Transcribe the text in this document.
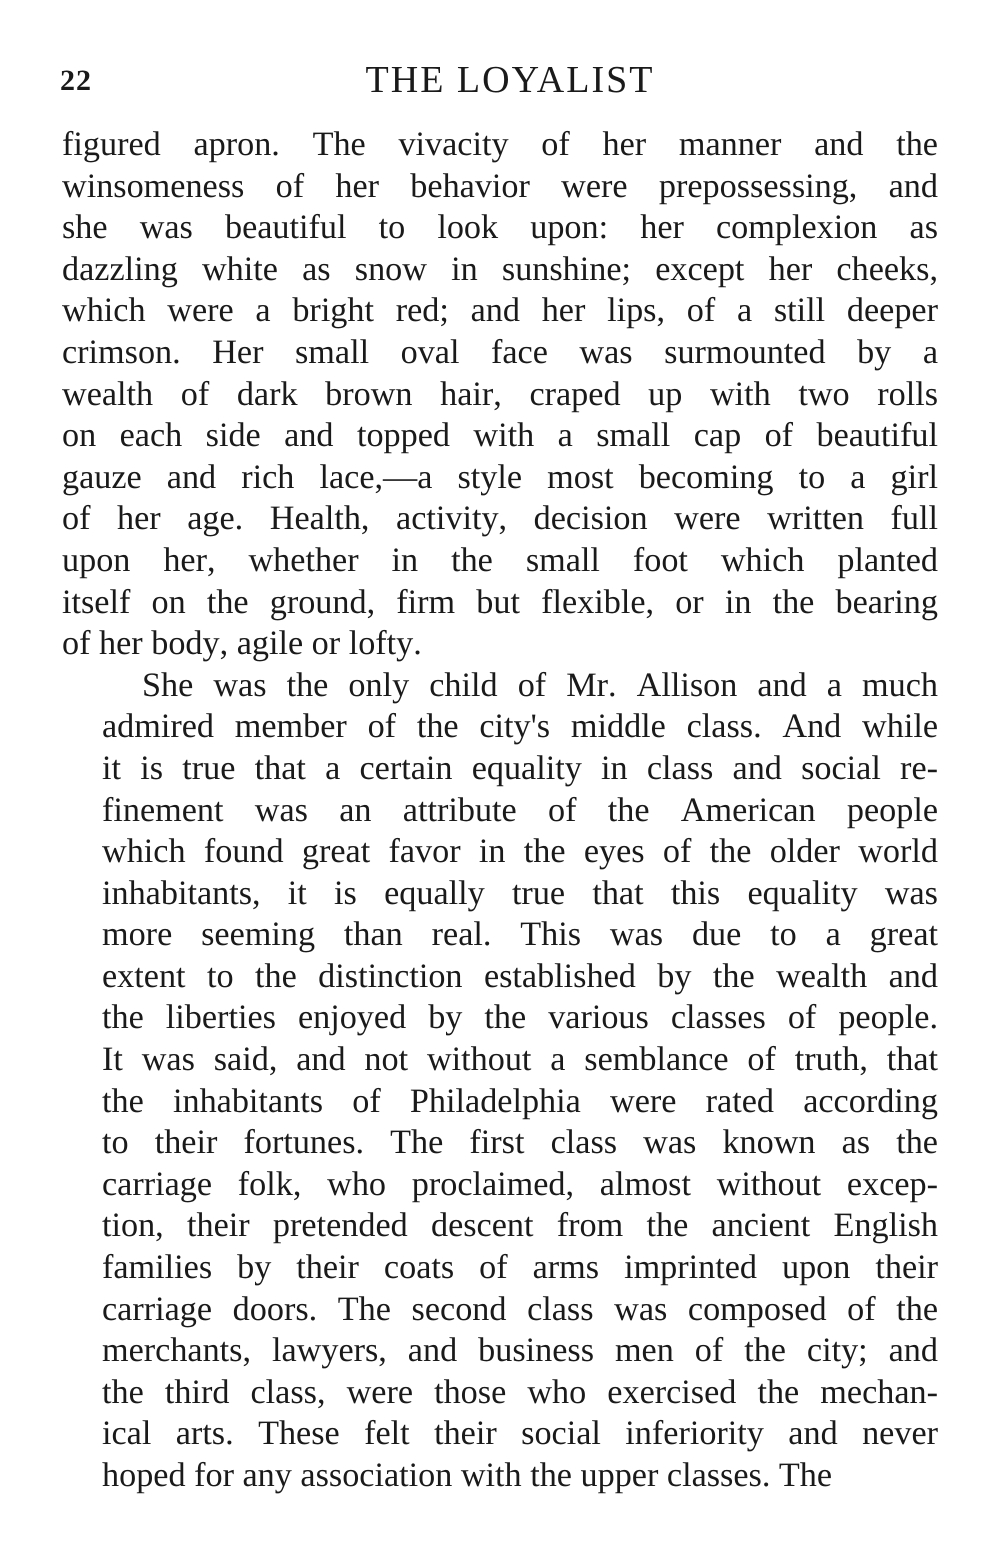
22	THE LOYALIST
figured apron. The vivacity of her manner and the
winsomeness of her behavior were prepossessing, and
she was beautiful to look upon: her complexion as
dazzling white as snow in sunshine; except her cheeks,
which were a bright red; and her lips, of a still deeper
crimson. Her small oval face was surmounted by a
wealth of dark brown hair, craped up with two rolls
on each side and topped with a small cap of beautiful
gauze and rich lace,—a style most becoming to a girl
of her age. Health, activity, decision were written full
upon her, whether in the small foot which planted
itself on the ground, firm but flexible, or in the bearing
of her body, agile or lofty.
She was the only child of Mr. Allison and a much
admired member of the city's middle class. And while
it is true that a certain equality in class and social re-
finement was an attribute of the American people
which found great favor in the eyes of the older world
inhabitants, it is equally true that this equality was
more seeming than real. This was due to a great
extent to the distinction established by the wealth and
the liberties enjoyed by the various classes of people.
It was said, and not without a semblance of truth, that
the inhabitants of Philadelphia were rated according
to their fortunes. The first class was known as the
carriage folk, who proclaimed, almost without excep-
tion, their pretended descent from the ancient English
families by their coats of arms imprinted upon their
carriage doors. The second class was composed of the
merchants, lawyers, and business men of the city; and
the third class, were those who exercised the mechan-
ical arts. These felt their social inferiority and never
hoped for any association with the upper classes. The
